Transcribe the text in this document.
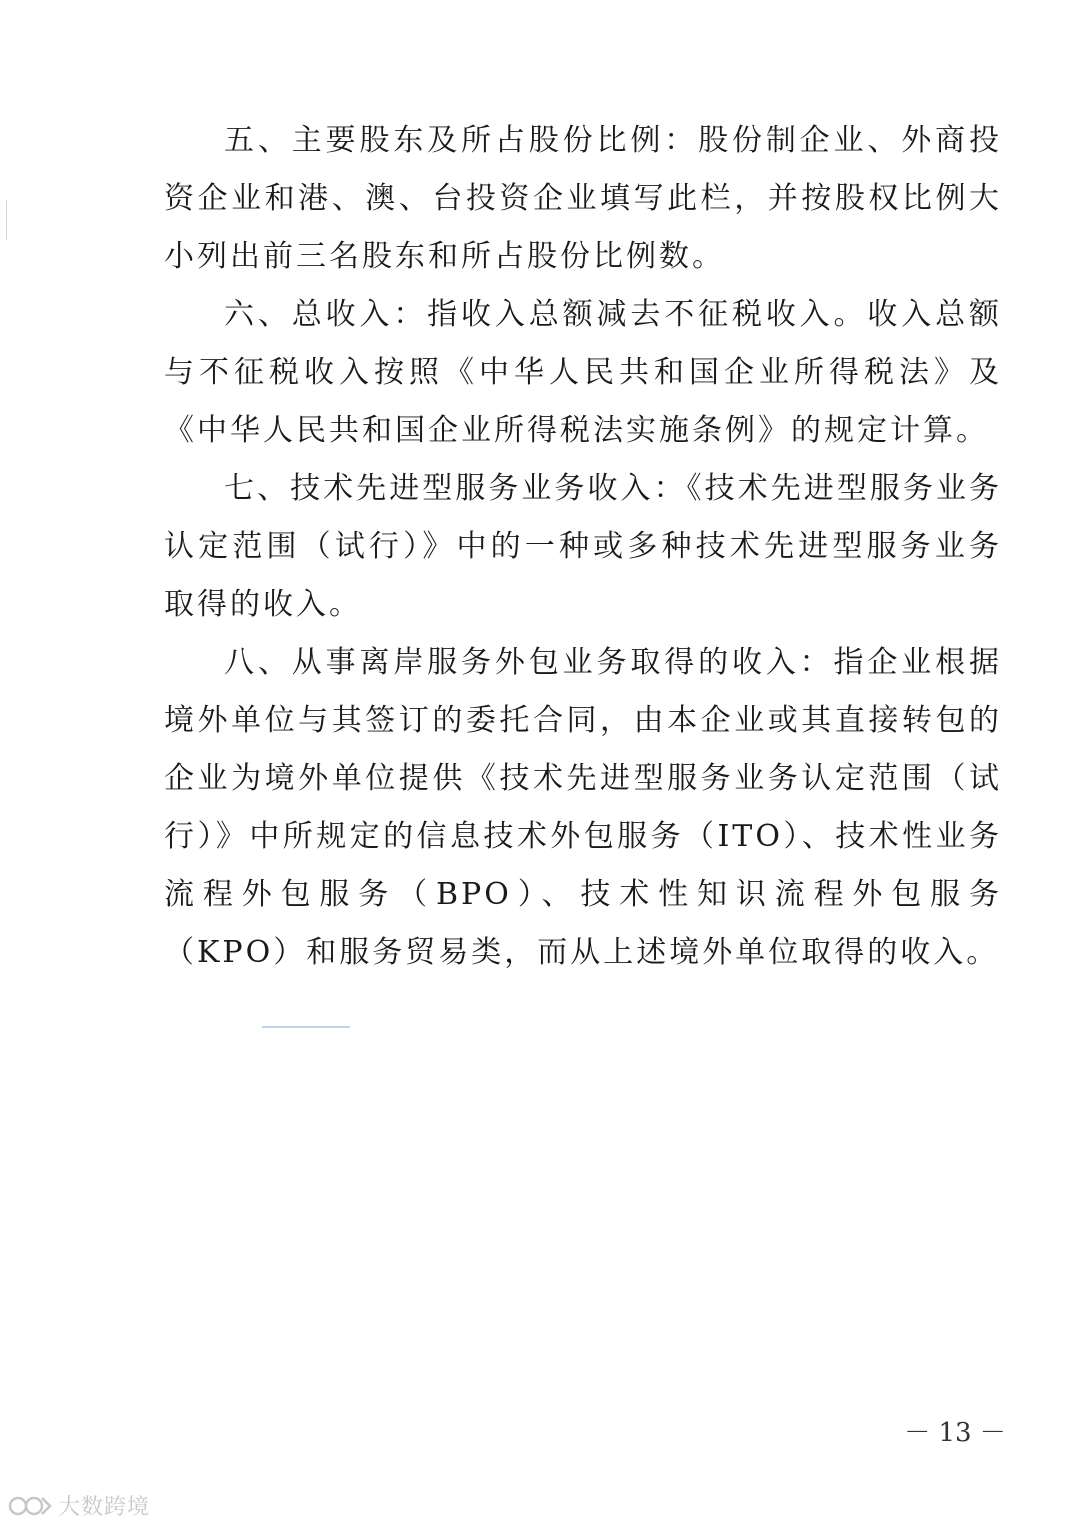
五、主要股东及所占股份比例：股份制企业、外商投资企业和港、澳、台投资企业填写此栏，并按股权比例大小列出前三名股东和所占股份比例数。

六、总收入：指收入总额减去不征税收入。收入总额与不征税收入按照《中华人民共和国企业所得税法》及《中华人民共和国企业所得税法实施条例》的规定计算。

七、技术先进型服务业务收入：《技术先进型服务业务认定范围（试行）》中的一种或多种技术先进型服务业务取得的收入。

八、从事离岸服务外包业务取得的收入：指企业根据境外单位与其签订的委托合同，由本企业或其直接转包的企业为境外单位提供《技术先进型服务业务认定范围（试行）》中所规定的信息技术外包服务（ITO）、技术性业务流程外包服务（BPO）、技术性知识流程外包服务（KPO）和服务贸易类，而从上述境外单位取得的收入。

－ 13 －
大数跨境
